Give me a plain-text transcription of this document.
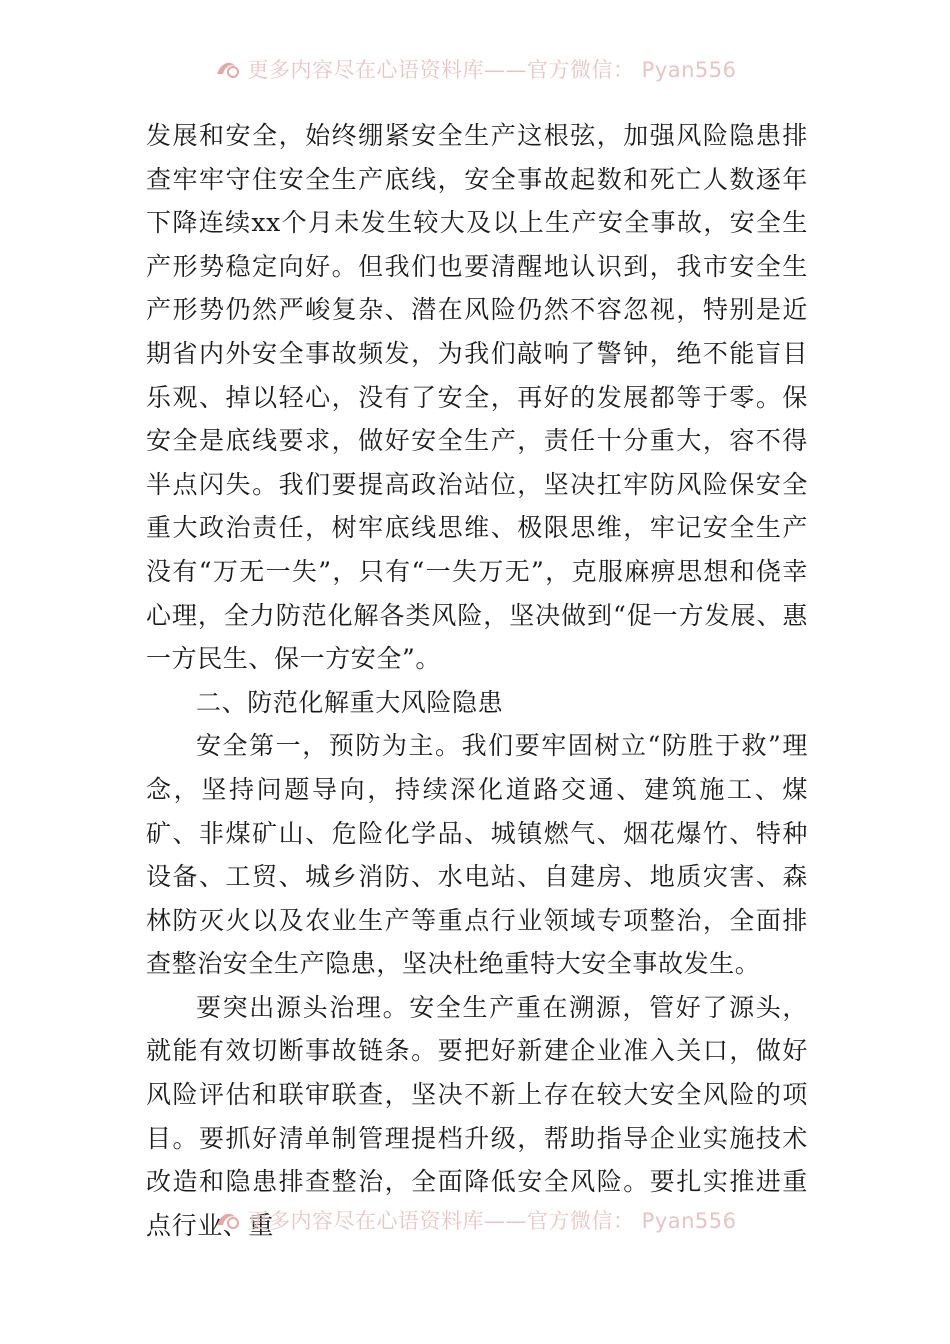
更多内容尽在心语资料库——官方微信： Pyan556

发展和安全，始终绷紧安全生产这根弦，加强风险隐患排查牢牢守住安全生产底线，安全事故起数和死亡人数逐年下降连续xx个月未发生较大及以上生产安全事故，安全生产形势稳定向好。但我们也要清醒地认识到，我市安全生产形势仍然严峻复杂、潜在风险仍然不容忽视，特别是近期省内外安全事故频发，为我们敲响了警钟，绝不能盲目乐观、掉以轻心，没有了安全，再好的发展都等于零。保安全是底线要求，做好安全生产，责任十分重大，容不得半点闪失。我们要提高政治站位，坚决扛牢防风险保安全重大政治责任，树牢底线思维、极限思维，牢记安全生产没有“万无一失”，只有“一失万无”，克服麻痹思想和侥幸心理，全力防范化解各类风险，坚决做到“促一方发展、惠一方民生、保一方安全”。

二、防范化解重大风险隐患

安全第一，预防为主。我们要牢固树立“防胜于救”理念，坚持问题导向，持续深化道路交通、建筑施工、煤矿、非煤矿山、危险化学品、城镇燃气、烟花爆竹、特种设备、工贸、城乡消防、水电站、自建房、地质灾害、森林防灭火以及农业生产等重点行业领域专项整治，全面排查整治安全生产隐患，坚决杜绝重特大安全事故发生。

要突出源头治理。安全生产重在溯源，管好了源头，就能有效切断事故链条。要把好新建企业准入关口，做好风险评估和联审联查，坚决不新上存在较大安全风险的项目。要抓好清单制管理提档升级，帮助指导企业实施技术改造和隐患排查整治，全面降低安全风险。要扎实推进重点行业、重

更多内容尽在心语资料库——官方微信： Pyan556
